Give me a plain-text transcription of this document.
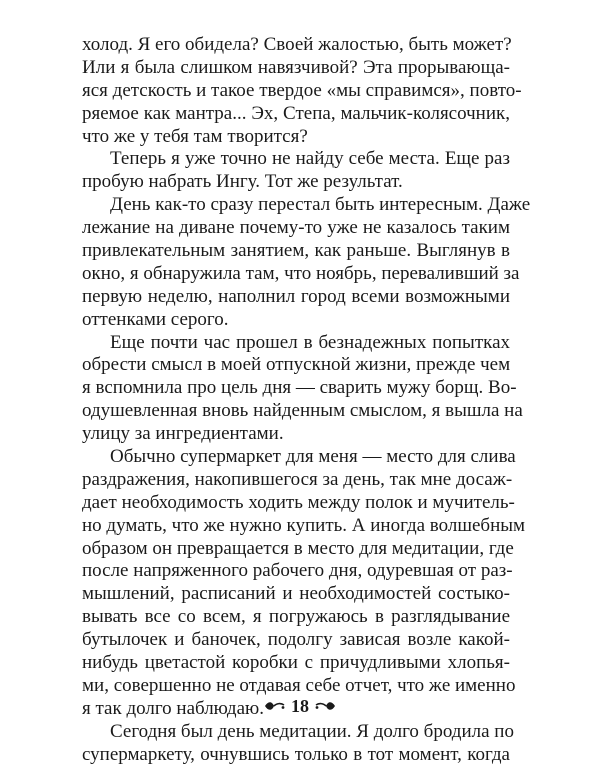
холод. Я его обидела? Своей жалостью, быть может?
Или я была слишком навязчивой? Эта прорывающа-
яся детскость и такое твердое «мы справимся», повто-
ряемое как мантра... Эх, Степа, мальчик-колясочник,
что же у тебя там творится?
Теперь я уже точно не найду себе места. Еще раз
пробую набрать Ингу. Тот же результат.
День как-то сразу перестал быть интересным. Даже
лежание на диване почему-то уже не казалось таким
привлекательным занятием, как раньше. Выглянув в
окно, я обнаружила там, что ноябрь, переваливший за
первую неделю, наполнил город всеми возможными
оттенками серого.
Еще почти час прошел в безнадежных попытках
обрести смысл в моей отпускной жизни, прежде чем
я вспомнила про цель дня — сварить мужу борщ. Во-
одушевленная вновь найденным смыслом, я вышла на
улицу за ингредиентами.
Обычно супермаркет для меня — место для слива
раздражения, накопившегося за день, так мне досаж-
дает необходимость ходить между полок и мучитель-
но думать, что же нужно купить. А иногда волшебным
образом он превращается в место для медитации, где
после напряженного рабочего дня, одуревшая от раз-
мышлений, расписаний и необходимостей состыко-
вывать все со всем, я погружаюсь в разглядывание
бутылочек и баночек, подолгу зависая возле какой-
нибудь цветастой коробки с причудливыми хлопья-
ми, совершенно не отдавая себе отчет, что же именно
я так долго наблюдаю.
Сегодня был день медитации. Я долго бродила по
супермаркету, очнувшись только в тот момент, когда
18
